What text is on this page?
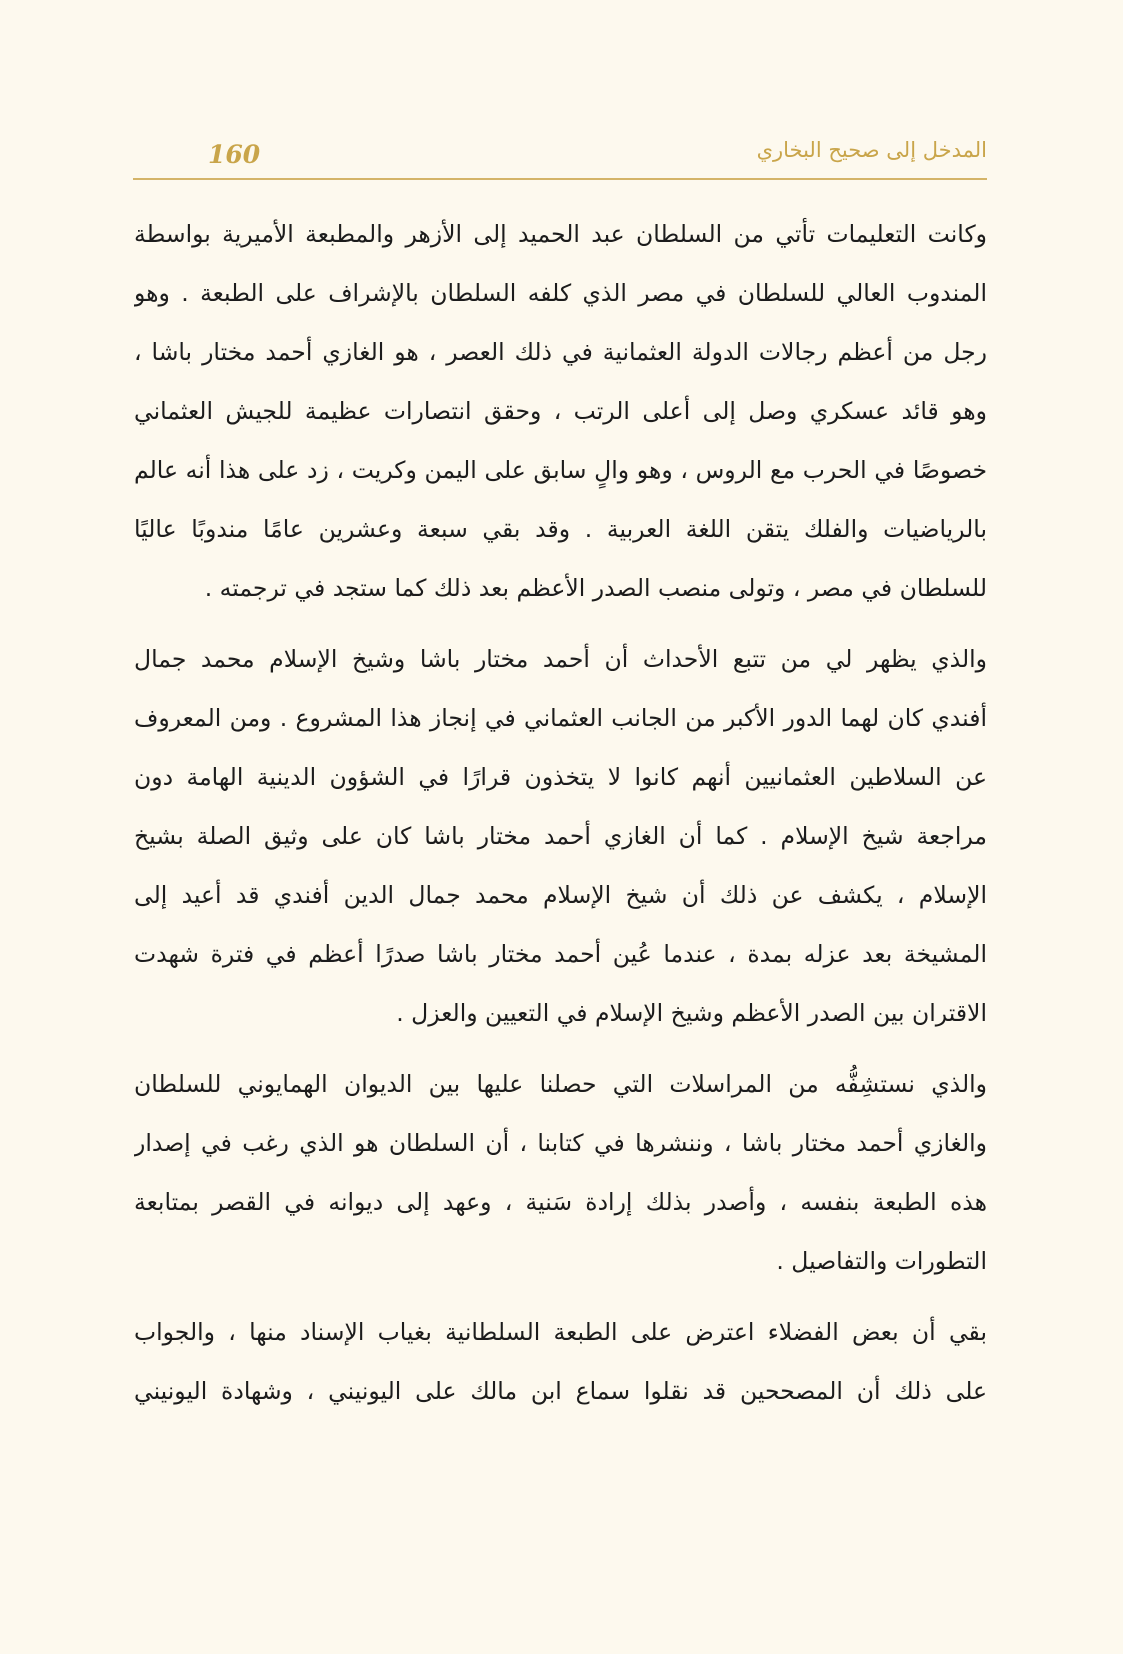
160	المدخل إلى صحيح البخاري
وكانت التعليمات تأتي من السلطان عبد الحميد إلى الأزهر والمطبعة الأميرية بواسطة
المندوب العالي للسلطان في مصر الذي كلفه السلطان بالإشراف على الطبعة . وهو
رجل من أعظم رجالات الدولة العثمانية في ذلك العصر ، هو الغازي أحمد مختار باشا ،
وهو قائد عسكري وصل إلى أعلى الرتب ، وحقق انتصارات عظيمة للجيش العثماني
خصوصًا في الحرب مع الروس ، وهو والٍ سابق على اليمن وكريت ، زد على هذا أنه عالم
بالرياضيات والفلك يتقن اللغة العربية . وقد بقي سبعة وعشرين عامًا مندوبًا عاليًا
للسلطان في مصر ، وتولى منصب الصدر الأعظم بعد ذلك كما ستجد في ترجمته .
والذي يظهر لي من تتبع الأحداث أن أحمد مختار باشا وشيخ الإسلام محمد جمال
أفندي كان لهما الدور الأكبر من الجانب العثماني في إنجاز هذا المشروع . ومن المعروف
عن السلاطين العثمانيين أنهم كانوا لا يتخذون قرارًا في الشؤون الدينية الهامة دون
مراجعة شيخ الإسلام . كما أن الغازي أحمد مختار باشا كان على وثيق الصلة بشيخ
الإسلام ، يكشف عن ذلك أن شيخ الإسلام محمد جمال الدين أفندي قد أعيد إلى
المشيخة بعد عزله بمدة ، عندما عُين أحمد مختار باشا صدرًا أعظم في فترة شهدت
الاقتران بين الصدر الأعظم وشيخ الإسلام في التعيين والعزل .
والذي نستشِفُّه من المراسلات التي حصلنا عليها بين الديوان الهمايوني للسلطان
والغازي أحمد مختار باشا ، وننشرها في كتابنا ، أن السلطان هو الذي رغب في إصدار
هذه الطبعة بنفسه ، وأصدر بذلك إرادة سَنية ، وعهد إلى ديوانه في القصر بمتابعة
التطورات والتفاصيل .
بقي أن بعض الفضلاء اعترض على الطبعة السلطانية بغياب الإسناد منها ، والجواب
على ذلك أن المصححين قد نقلوا سماع ابن مالك على اليونيني ، وشهادة اليونيني
